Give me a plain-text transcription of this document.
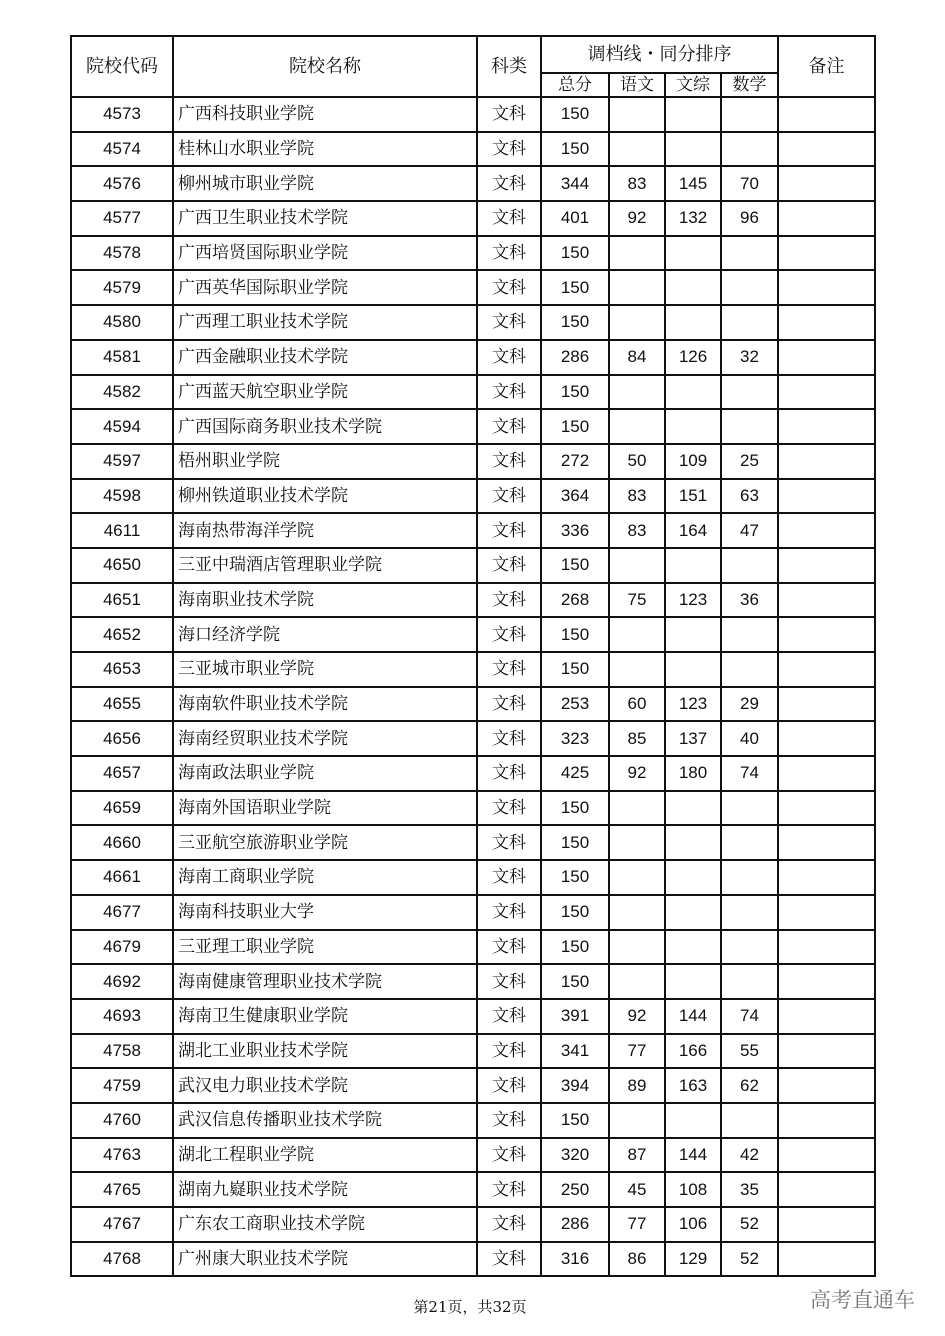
院校代码	院校名称	科类	调档线・同分排序				备注
			总分	语文	文综	数学	
4573	广西科技职业学院	文科	150				
4574	桂林山水职业学院	文科	150				
4576	柳州城市职业学院	文科	344	83	145	70	
4577	广西卫生职业技术学院	文科	401	92	132	96	
4578	广西培贤国际职业学院	文科	150				
4579	广西英华国际职业学院	文科	150				
4580	广西理工职业技术学院	文科	150				
4581	广西金融职业技术学院	文科	286	84	126	32	
4582	广西蓝天航空职业学院	文科	150				
4594	广西国际商务职业技术学院	文科	150				
4597	梧州职业学院	文科	272	50	109	25	
4598	柳州铁道职业技术学院	文科	364	83	151	63	
4611	海南热带海洋学院	文科	336	83	164	47	
4650	三亚中瑞酒店管理职业学院	文科	150				
4651	海南职业技术学院	文科	268	75	123	36	
4652	海口经济学院	文科	150				
4653	三亚城市职业学院	文科	150				
4655	海南软件职业技术学院	文科	253	60	123	29	
4656	海南经贸职业技术学院	文科	323	85	137	40	
4657	海南政法职业学院	文科	425	92	180	74	
4659	海南外国语职业学院	文科	150				
4660	三亚航空旅游职业学院	文科	150				
4661	海南工商职业学院	文科	150				
4677	海南科技职业大学	文科	150				
4679	三亚理工职业学院	文科	150				
4692	海南健康管理职业技术学院	文科	150				
4693	海南卫生健康职业学院	文科	391	92	144	74	
4758	湖北工业职业技术学院	文科	341	77	166	55	
4759	武汉电力职业技术学院	文科	394	89	163	62	
4760	武汉信息传播职业技术学院	文科	150				
4763	湖北工程职业学院	文科	320	87	144	42	
4765	湖南九嶷职业技术学院	文科	250	45	108	35	
4767	广东农工商职业技术学院	文科	286	77	106	52	
4768	广州康大职业技术学院	文科	316	86	129	52	
第21页，共32页	高考直通车
